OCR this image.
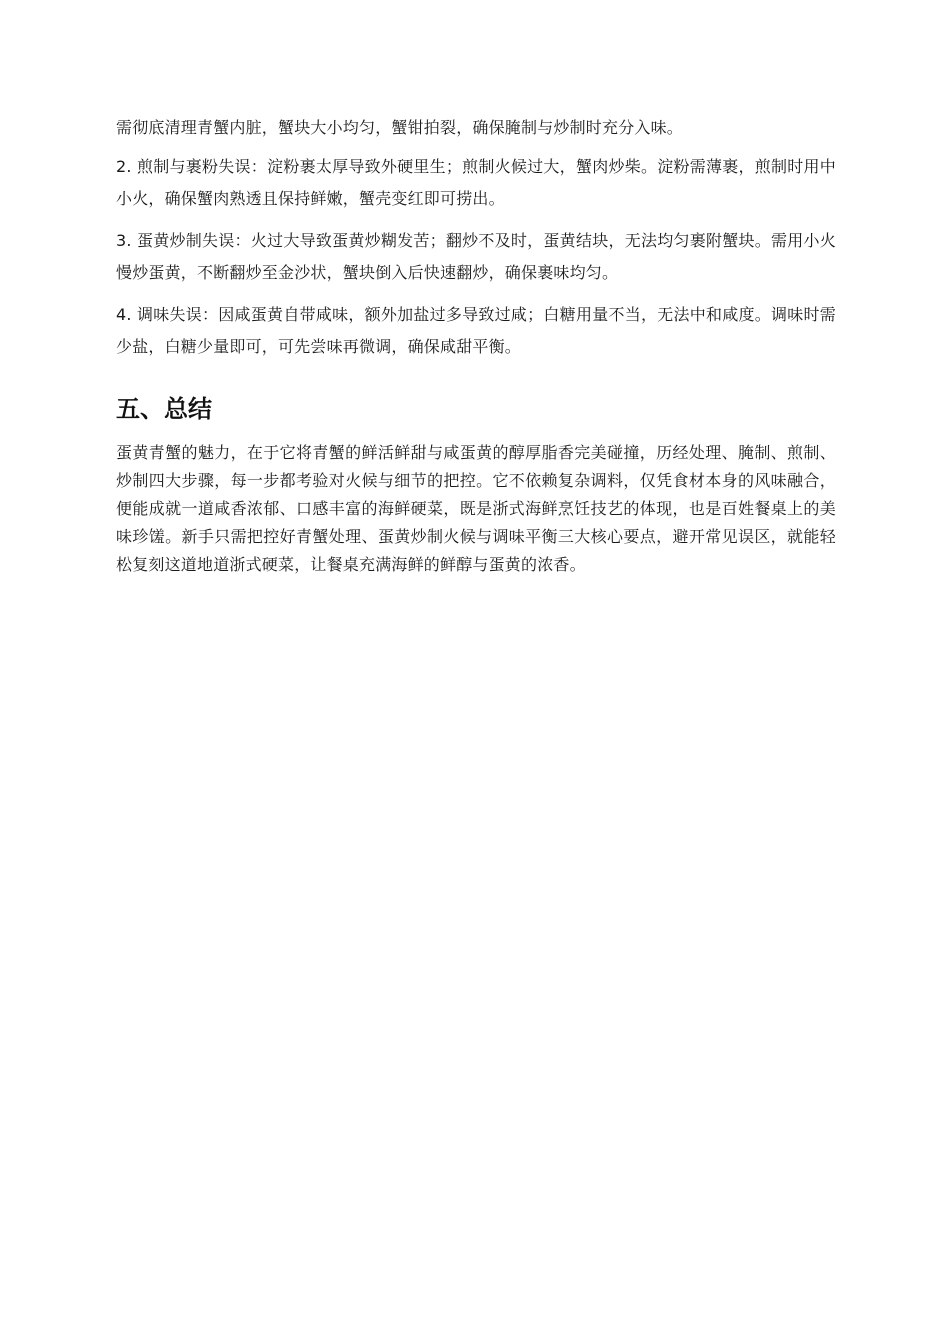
需彻底清理青蟹内脏，蟹块大小均匀，蟹钳拍裂，确保腌制与炒制时充分入味。

2. 煎制与裹粉失误：淀粉裹太厚导致外硬里生；煎制火候过大，蟹肉炒柴。淀粉需薄裹，煎制时用中小火，确保蟹肉熟透且保持鲜嫩，蟹壳变红即可捞出。

3. 蛋黄炒制失误：火过大导致蛋黄炒糊发苦；翻炒不及时，蛋黄结块，无法均匀裹附蟹块。需用小火慢炒蛋黄，不断翻炒至金沙状，蟹块倒入后快速翻炒，确保裹味均匀。

4. 调味失误：因咸蛋黄自带咸味，额外加盐过多导致过咸；白糖用量不当，无法中和咸度。调味时需少盐，白糖少量即可，可先尝味再微调，确保咸甜平衡。

五、总结

蛋黄青蟹的魅力，在于它将青蟹的鲜活鲜甜与咸蛋黄的醇厚脂香完美碰撞，历经处理、腌制、煎制、炒制四大步骤，每一步都考验对火候与细节的把控。它不依赖复杂调料，仅凭食材本身的风味融合，便能成就一道咸香浓郁、口感丰富的海鲜硬菜，既是浙式海鲜烹饪技艺的体现，也是百姓餐桌上的美味珍馐。新手只需把控好青蟹处理、蛋黄炒制火候与调味平衡三大核心要点，避开常见误区，就能轻松复刻这道地道浙式硬菜，让餐桌充满海鲜的鲜醇与蛋黄的浓香。
